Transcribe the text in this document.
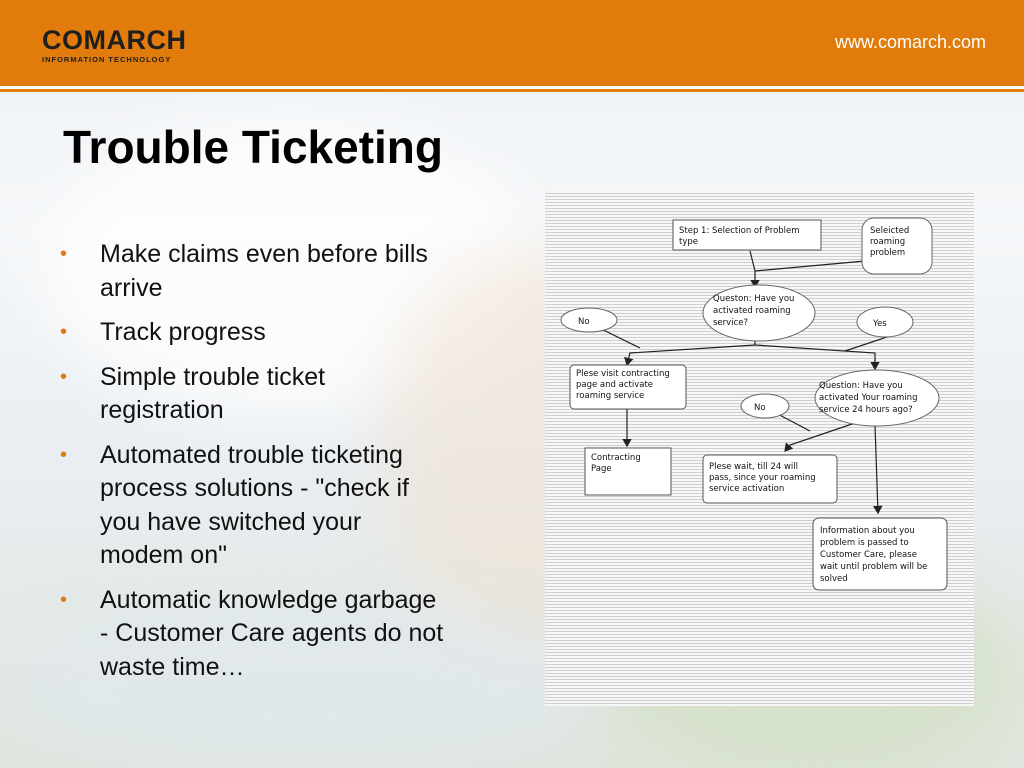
COMARCH
INFORMATION TECHNOLOGY
www.comarch.com
Trouble Ticketing
• Make claims even before bills
arrive
• Track progress
• Simple trouble ticket
registration
• Automated trouble ticketing
process solutions - "check if
you have switched your
modem on"
• Automatic knowledge garbage
- Customer Care agents do not
waste time…
Step 1: Selection of Problem
type
Seleicted
roaming
problem
Queston: Have you
activated roaming
service?
No	Yes
Plese visit contracting
page and activate
roaming service
Question: Have you
activated Your roaming
service 24 hours ago?
No
Contracting
Page	Plese wait, till 24 will
pass, since your roaming
service activation
Information about you
problem is passed to
Customer Care, please
wait until problem will be
solved
